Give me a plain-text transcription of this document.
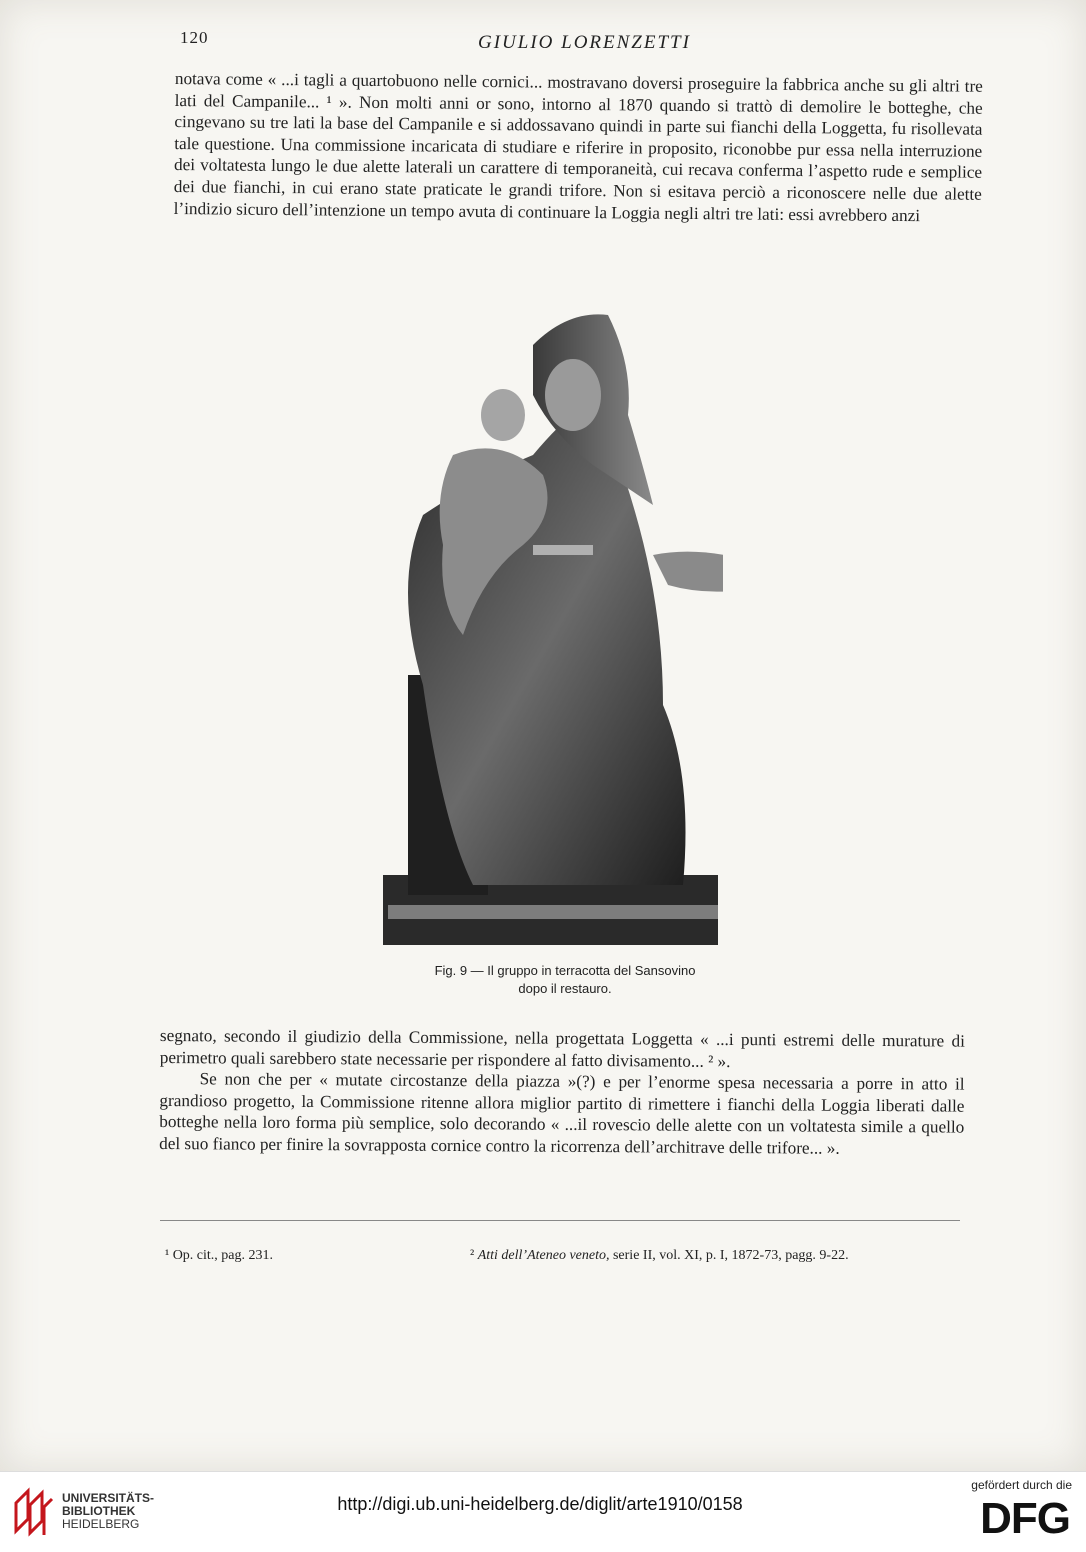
120	GIULIO LORENZETTI

notava come « ...i tagli a quartobuono nelle cornici... mostravano doversi proseguire la fabbrica anche su gli altri tre lati del Campanile... ¹ ». Non molti anni or sono, intorno al 1870 quando si trattò di demolire le botteghe, che cingevano su tre lati la base del Campanile e si addossavano quindi in parte sui fianchi della Loggetta, fu risollevata tale questione. Una commissione incaricata di studiare e riferire in proposito, riconobbe pur essa nella interruzione dei voltatesta lungo le due alette laterali un carattere di temporaneità, cui recava conferma l’aspetto rude e semplice dei due fianchi, in cui erano state praticate le grandi trifore. Non si esitava perciò a riconoscere nelle due alette l’indizio sicuro dell’intenzione un tempo avuta di continuare la Loggia negli altri tre lati: essi avrebbero anzi

Fig. 9 — Il gruppo in terracotta del Sansovino
dopo il restauro.

segnato, secondo il giudizio della Commissione, nella progettata Loggetta « ...i punti estremi delle murature di perimetro quali sarebbero state necessarie per rispondere al fatto divisamento... ² ».

Se non che per « mutate circostanze della piazza »(?) e per l’enorme spesa necessaria a porre in atto il grandioso progetto, la Commissione ritenne allora miglior partito di rimettere i fianchi della Loggia liberati dalle botteghe nella loro forma più semplice, solo decorando « ...il rovescio delle alette con un voltatesta simile a quello del suo fianco per finire la sovrapposta cornice contro la ricorrenza dell’architrave delle trifore... ».

¹ Op. cit., pag. 231.	² Atti dell’Ateneo veneto, serie II, vol. XI, p. I, 1872-73, pagg. 9-22.
UNIVERSITÄTS-
BIBLIOTHEK
HEIDELBERG
http://digi.ub.uni-heidelberg.de/diglit/arte1910/0158
gefördert durch die
DFG
